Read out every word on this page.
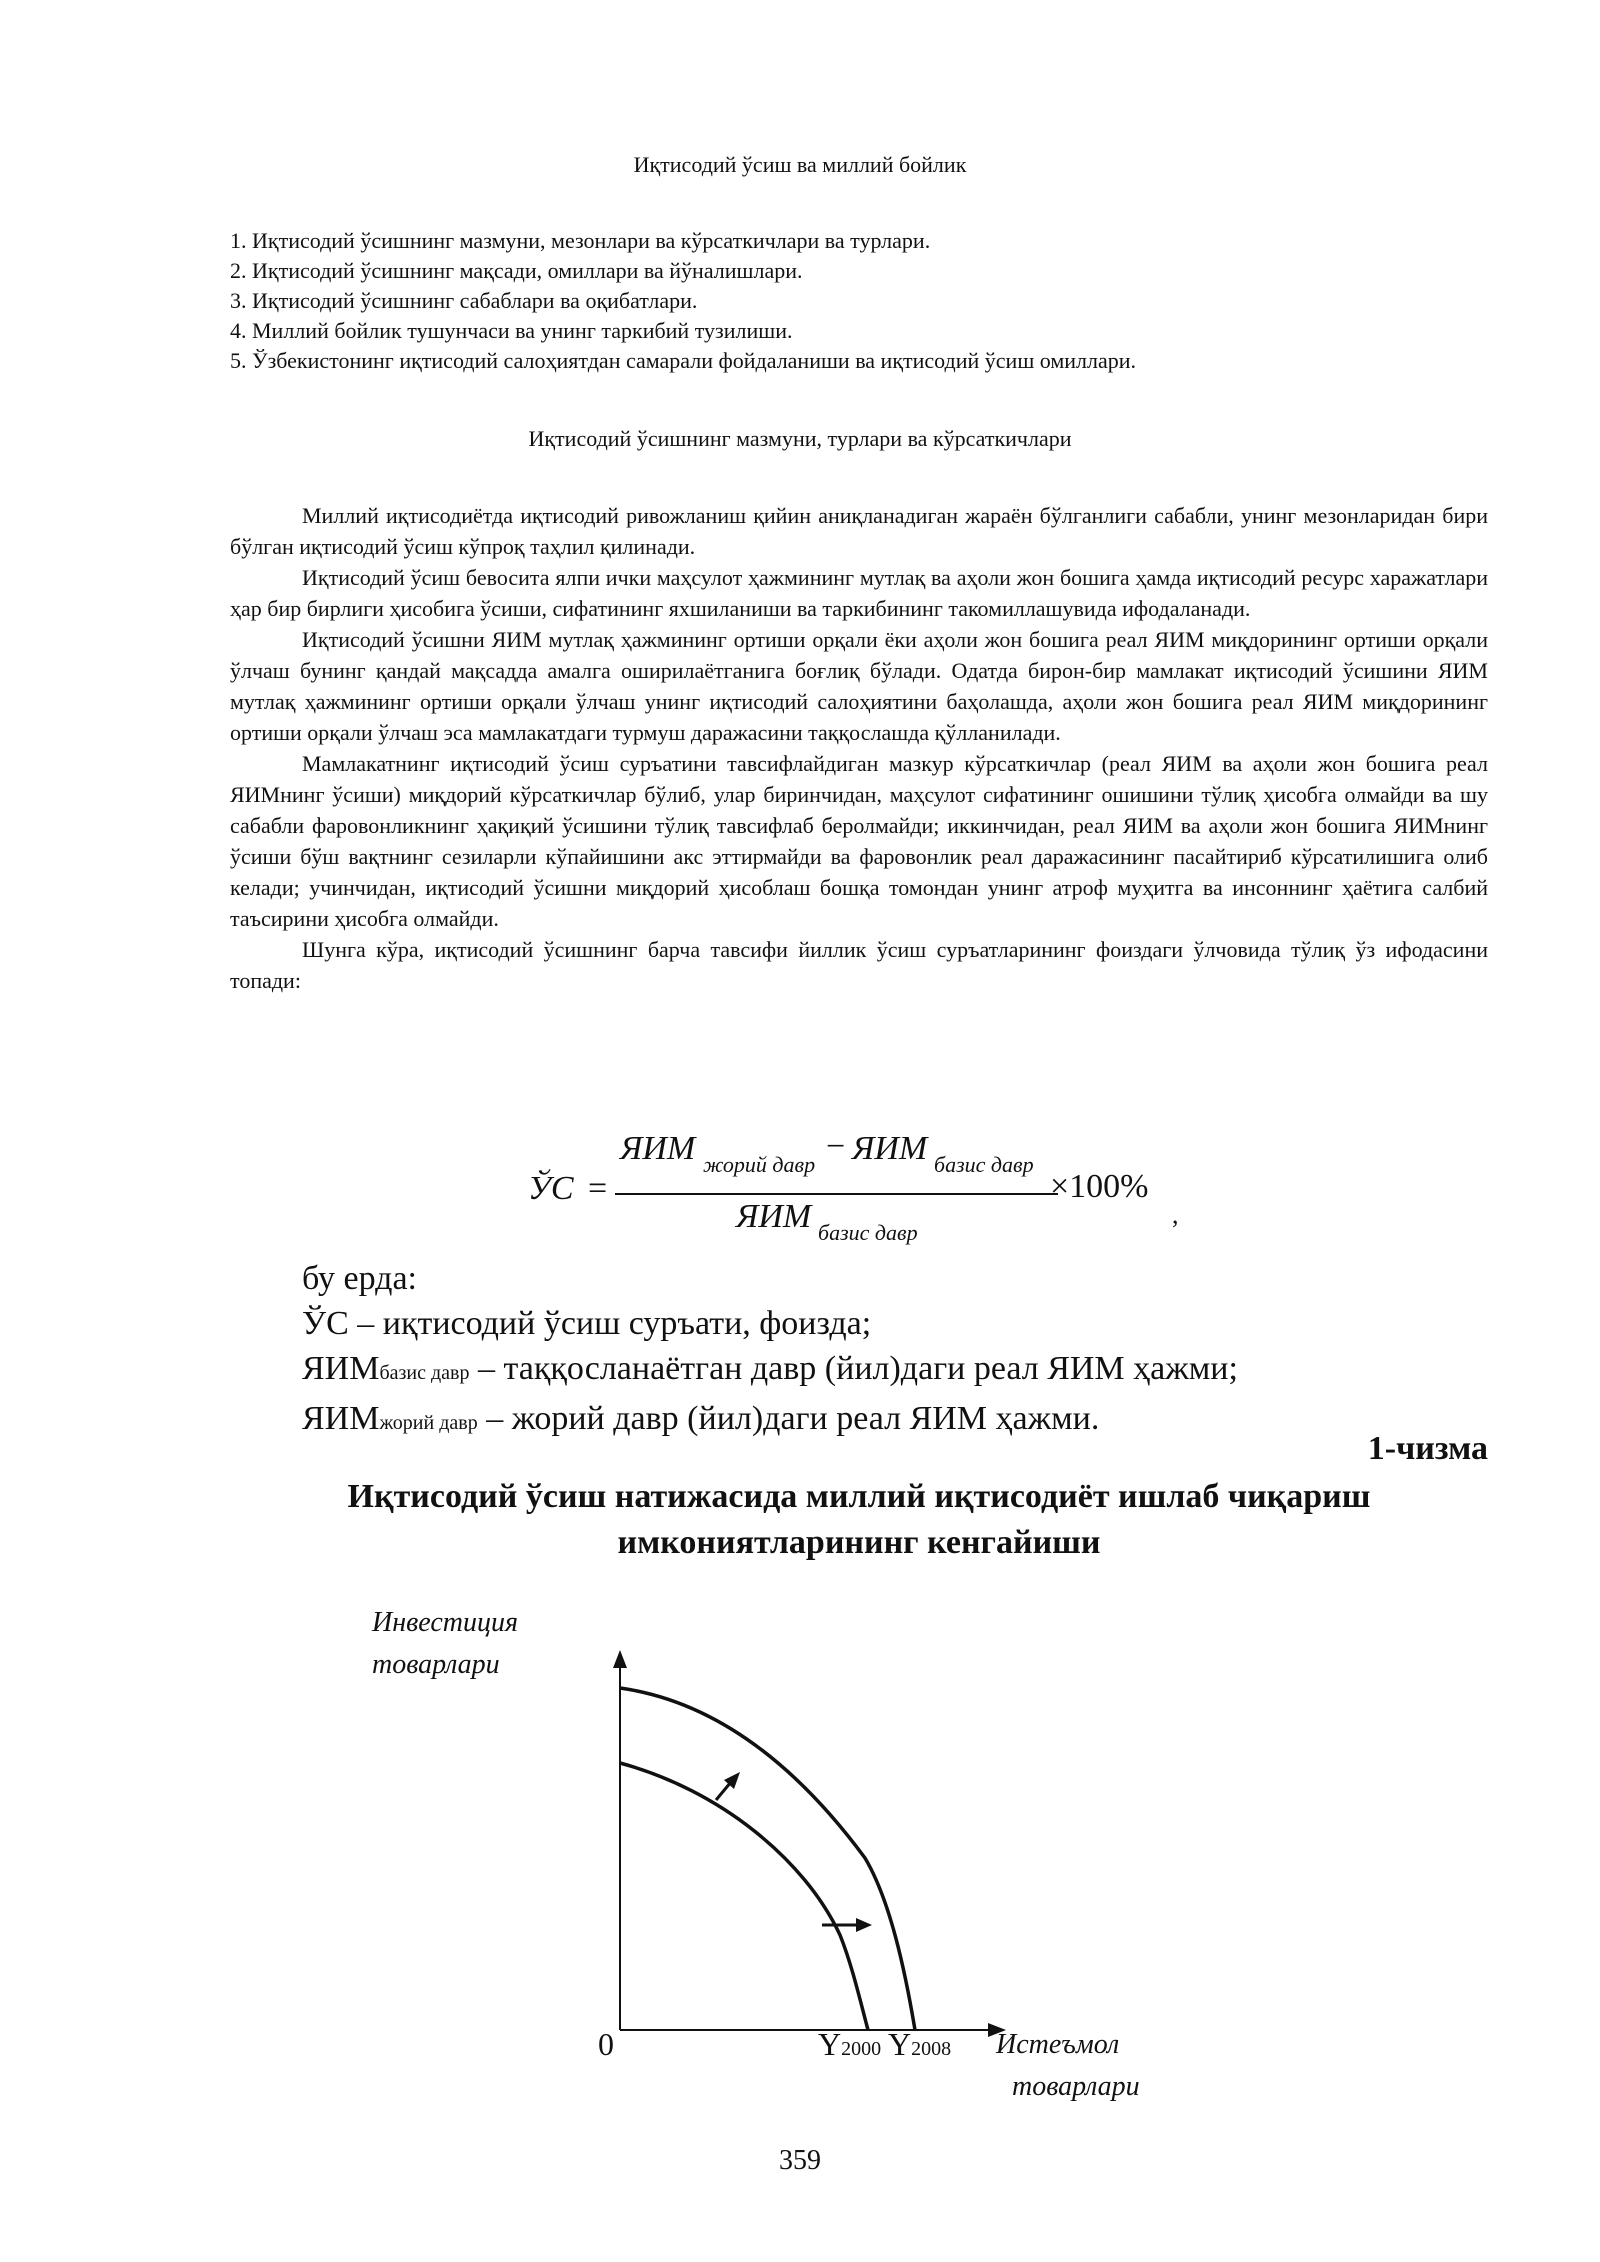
Иқтисодий ўсиш ва миллий бойлик
1. Иқтисодий ўсишнинг мазмуни, мезонлари ва кўрсаткичлари ва турлари.
2. Иқтисодий ўсишнинг мақсади, омиллари ва йўналишлари.
3. Иқтисодий ўсишнинг сабаблари ва оқибатлари.
4. Миллий бойлик тушунчаси ва унинг таркибий тузилиши.
5. Ўзбекистонинг иқтисодий салоҳиятдан самарали фойдаланиши ва иқтисодий ўсиш омиллари.
Иқтисодий ўсишнинг мазмуни, турлари ва кўрсаткичлари

Миллий иқтисодиётда иқтисодий ривожланиш қийин аниқланадиган жараён бўлганлиги сабабли, унинг мезонларидан бири бўлган иқтисодий ўсиш кўпроқ таҳлил қилинади.

Иқтисодий ўсиш бевосита ялпи ички маҳсулот ҳажмининг мутлақ ва аҳоли жон бошига ҳамда иқтисодий ресурс харажатлари ҳар бир бирлиги ҳисобига ўсиши, сифатининг яхшиланиши ва таркибининг такомиллашувида ифодаланади.

Иқтисодий ўсишни ЯИМ мутлақ ҳажмининг ортиши орқали ёки аҳоли жон бошига реал ЯИМ миқдорининг ортиши орқали ўлчаш бунинг қандай мақсадда амалга оширилаётганига боғлиқ бўлади. Одатда бирон-бир мамлакат иқтисодий ўсишини ЯИМ мутлақ ҳажмининг ортиши орқали ўлчаш унинг иқтисодий салоҳиятини баҳолашда, аҳоли жон бошига реал ЯИМ миқдорининг ортиши орқали ўлчаш эса мамлакатдаги турмуш даражасини таққослашда қўлланилади.

Мамлакатнинг иқтисодий ўсиш суръатини тавсифлайдиган мазкур кўрсаткичлар (реал ЯИМ ва аҳоли жон бошига реал ЯИМнинг ўсиши) миқдорий кўрсаткичлар бўлиб, улар биринчидан, маҳсулот сифатининг ошишини тўлиқ ҳисобга олмайди ва шу сабабли фаровонликнинг ҳақиқий ўсишини тўлиқ тавсифлаб беролмайди; иккинчидан, реал ЯИМ ва аҳоли жон бошига ЯИМнинг ўсиши бўш вақтнинг сезиларли кўпайишини акс эттирмайди ва фаровонлик реал даражасининг пасайтириб кўрсатилишига олиб келади; учинчидан, иқтисодий ўсишни миқдорий ҳисоблаш бошқа томондан унинг атроф муҳитга ва инсоннинг ҳаётига салбий таъсирини ҳисобга олмайди.

Шунга кўра, иқтисодий ўсишнинг барча тавсифи йиллик ўсиш суръатларининг фоиздаги ўлчовида тўлиқ ўз ифодасини топади:

ЎС =
ЯИМ жорий давр − ЯИМ базис давр
ЯИМ базис давр
×100%
,
бу ерда:
ЎС – иқтисодий ўсиш суръати, фоизда;
ЯИМбазис давр – таққосланаётган давр (йил)даги реал ЯИМ ҳажми;
ЯИМжорий давр – жорий давр (йил)даги реал ЯИМ ҳажми.
1-чизма
Иқтисодий ўсиш натижасида миллий иқтисодиёт ишлаб чиқариш имкониятларининг кенгайиши
Инвестиция
товарлари
Истеъмол
товарлари
0	Y2000 Y2008
359
